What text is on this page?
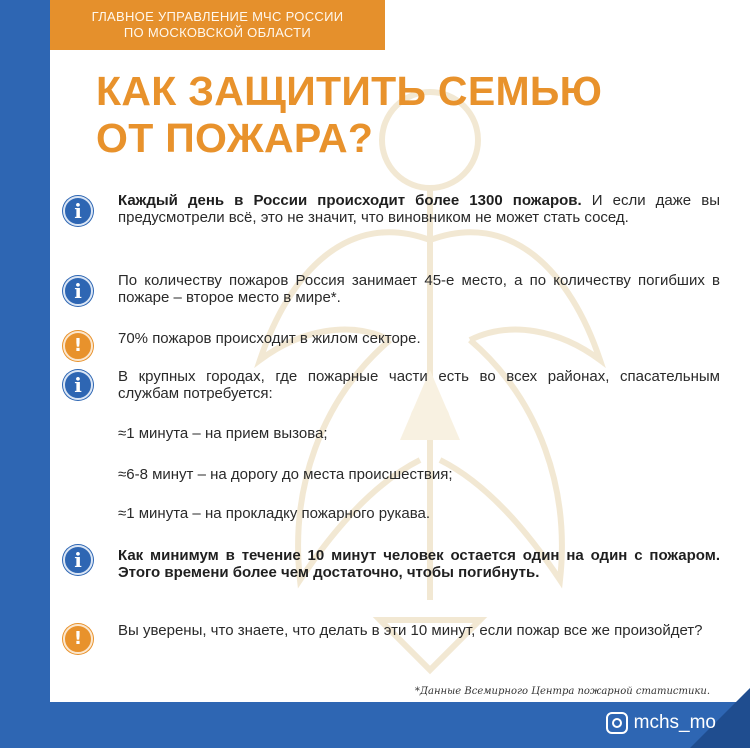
ГЛАВНОЕ УПРАВЛЕНИЕ МЧС РОССИИ
ПО МОСКОВСКОЙ ОБЛАСТИ
КАК ЗАЩИТИТЬ СЕМЬЮ
ОТ ПОЖАРА?
i	Каждый день в России происходит более 1300 пожаров. И если даже вы предусмотрели всё, это не значит, что виновником не может стать сосед.
i	По количеству пожаров Россия занимает 45-е место, а по количеству погибших в пожаре – второе место в мире*.
!	70% пожаров происходит в жилом секторе.
i	В крупных городах, где пожарные части есть во всех районах, спасательным службам потребуется:
≈1 минута – на прием вызова;
≈6-8 минут – на дорогу до места происшествия;
≈1 минута – на прокладку пожарного рукава.
i	Как минимум в течение 10 минут человек остается один на один с пожаром. Этого времени более чем достаточно, чтобы погибнуть.
!	Вы уверены, что знаете, что делать в эти 10 минут, если пожар все же произойдет?
*Данные Всемирного Центра пожарной статистики.
mchs_mo
